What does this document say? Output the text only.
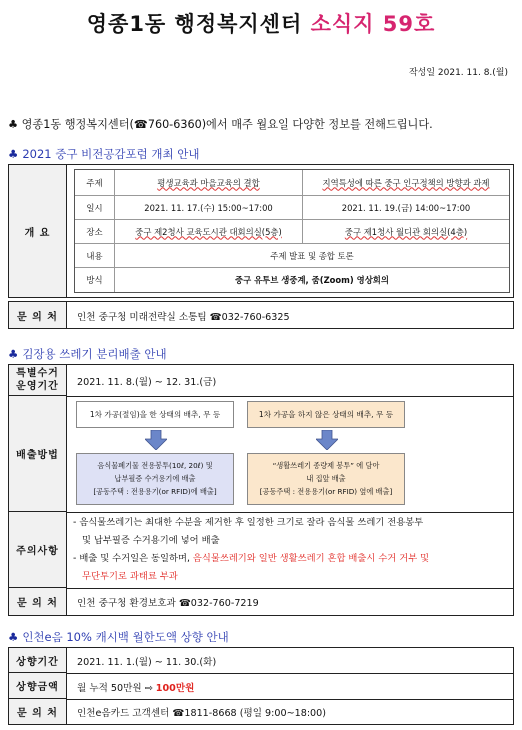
영종1동 행정복지센터 소식지 59호
작성일 2021. 11. 8.(월)
♣ 영종1동 행정복지센터(☎760-6360)에서 매주 월요일 다양한 정보를 전해드립니다.
♣ 2021 중구 비전공감포럼 개최 안내
개 요
주제	평생교육과 마을교육의 결합	지역특성에 따른 중구 인구정책의 방향과 과제
일시	2021. 11. 17.(수) 15:00~17:00	2021. 11. 19.(금) 14:00~17:00
장소	중구 제2청사 교육도시관 대회의실(5층)	중구 제1청사 월디관 회의실(4층)
내용	주제 발표 및 종합 토론
방식	중구 유투브 생중계, 줌(Zoom) 영상회의
문 의 처	인천 중구청 미래전략실 소통팀 ☎032-760-6325
♣ 김장용 쓰레기 분리배출 안내
특별수거
운영기간	2021. 11. 8.(월) ~ 12. 31.(금)
배출방법
1차 가공(절임)을 한 상태의 배추, 무 등	1차 가공을 하지 않은 상태의 배추, 무 등
음식물폐기물 전용봉투(10ℓ, 20ℓ) 및
납부필증 수거용기에 배출
[공동주택 : 전용용기(or RFID)에 배출]
“생활쓰레기 종량제 봉투” 에 담아
내 집앞 배출
[공동주택 : 전용용기(or RFID) 옆에 배출]
주의사항
- 음식물쓰레기는 최대한 수분을 제거한 후 일정한 크기로 잘라 음식물 쓰레기 전용봉투
및 납부필증 수거용기에 넣어 배출
- 배출 및 수거일은 동일하며, 음식물쓰레기와 일반 생활쓰레기 혼합 배출시 수거 거부 및
무단투기로 과태료 부과
문 의 처	인천 중구청 환경보호과 ☎032-760-7219
♣ 인천e음 10% 캐시백 월한도액 상향 안내
상향기간	2021. 11. 1.(월) ~ 11. 30.(화)
상향금액	월 누적 50만원 ⇨ 100만원
문 의 처	인천e음카드 고객센터 ☎1811-8668 (평일 9:00~18:00)
